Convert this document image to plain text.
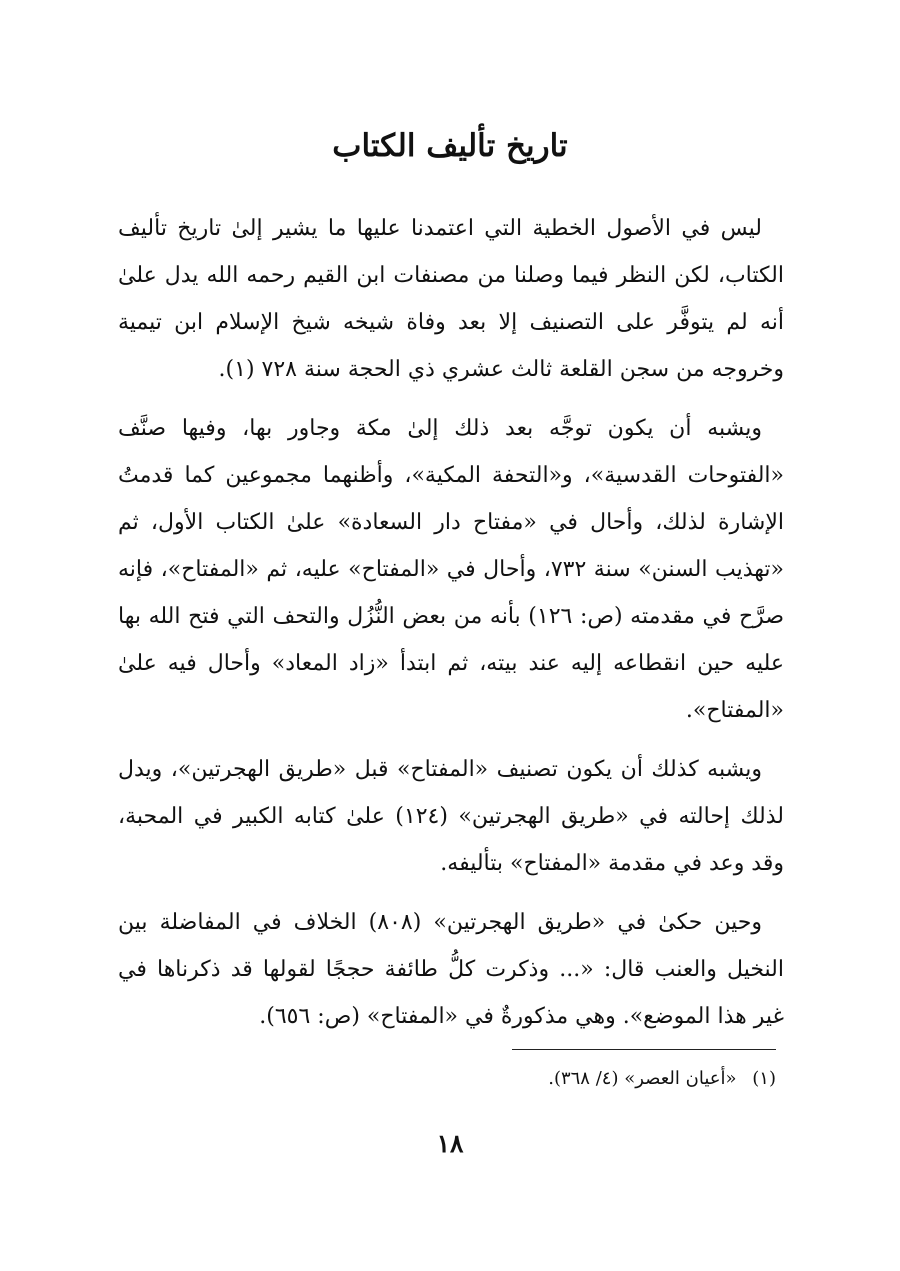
تاريخ تأليف الكتاب

ليس في الأصول الخطية التي اعتمدنا عليها ما يشير إلىٰ تاريخ تأليف الكتاب، لكن النظر فيما وصلنا من مصنفات ابن القيم رحمه الله يدل علىٰ أنه لم يتوفَّر على التصنيف إلا بعد وفاة شيخه شيخ الإسلام ابن تيمية وخروجه من سجن القلعة ثالث عشري ذي الحجة سنة ٧٢٨ (١).

ويشبه أن يكون توجَّه بعد ذلك إلىٰ مكة وجاور بها، وفيها صنَّف «الفتوحات القدسية»، و«التحفة المكية»، وأظنهما مجموعين كما قدمتُ الإشارة لذلك، وأحال في «مفتاح دار السعادة» علىٰ الكتاب الأول، ثم «تهذيب السنن» سنة ٧٣٢، وأحال في «المفتاح» عليه، ثم «المفتاح»، فإنه صرَّح في مقدمته (ص: ١٢٦) بأنه من بعض النُّزُل والتحف التي فتح الله بها عليه حين انقطاعه إليه عند بيته، ثم ابتدأ «زاد المعاد» وأحال فيه علىٰ «المفتاح».

ويشبه كذلك أن يكون تصنيف «المفتاح» قبل «طريق الهجرتين»، ويدل لذلك إحالته في «طريق الهجرتين» (١٢٤) علىٰ كتابه الكبير في المحبة، وقد وعد في مقدمة «المفتاح» بتأليفه.

وحين حكىٰ في «طريق الهجرتين» (٨٠٨) الخلاف في المفاضلة بين النخيل والعنب قال: «... وذكرت كلُّ طائفة حججًا لقولها قد ذكرناها في غير هذا الموضع». وهي مذكورةٌ في «المفتاح» (ص: ٦٥٦).

(١) «أعيان العصر» (٤/ ٣٦٨).
١٨
